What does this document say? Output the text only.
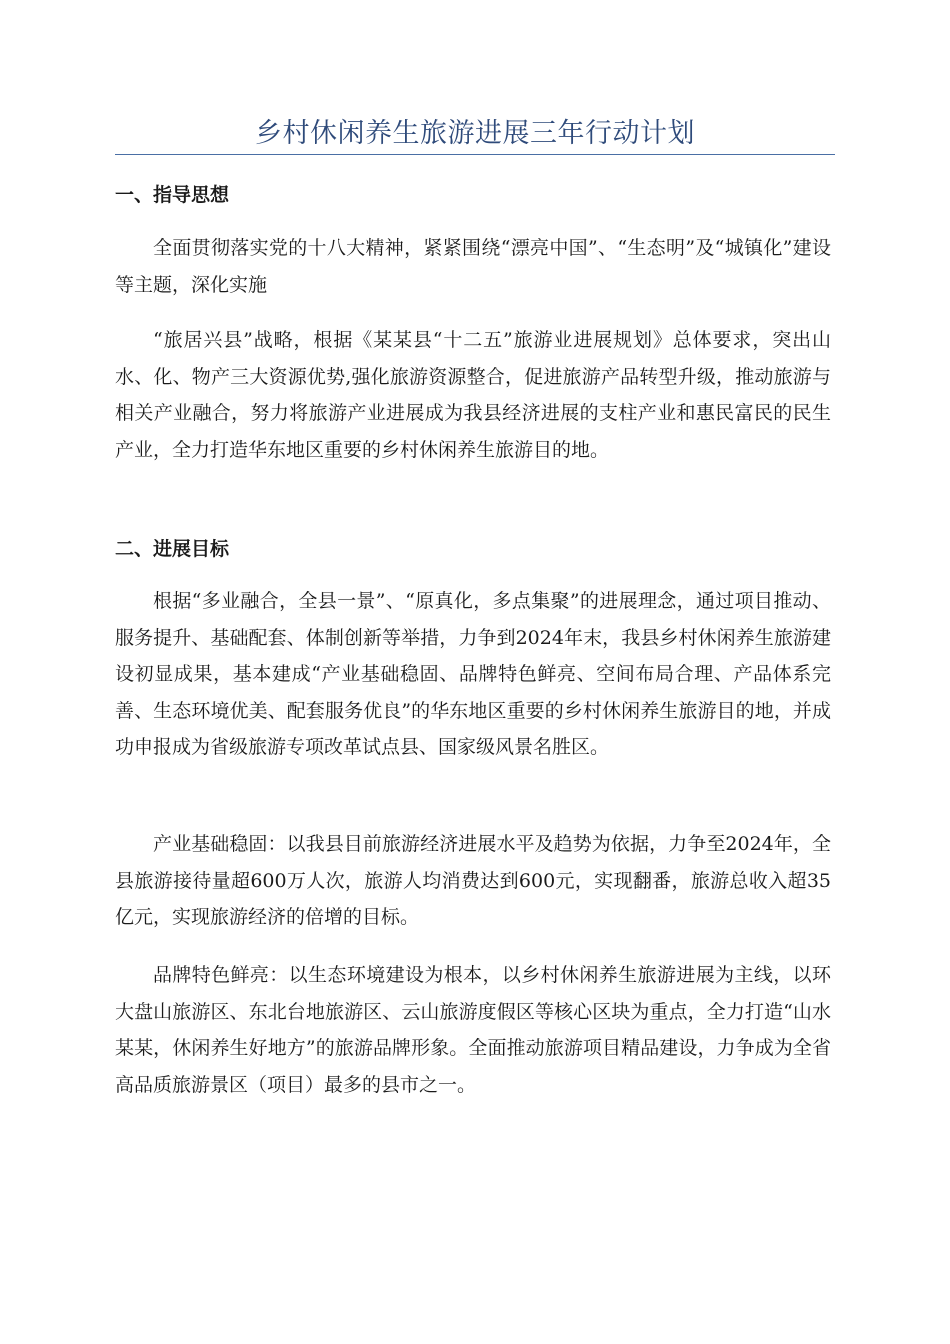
乡村休闲养生旅游进展三年行动计划
一、指导思想

全面贯彻落实党的十八大精神，紧紧围绕“漂亮中国”、“生态明”及“城镇化”建设等主题，深化实施

“旅居兴县”战略，根据《某某县“十二五”旅游业进展规划》总体要求，突出山水、化、物产三大资源优势,强化旅游资源整合，促进旅游产品转型升级，推动旅游与相关产业融合，努力将旅游产业进展成为我县经济进展的支柱产业和惠民富民的民生产业，全力打造华东地区重要的乡村休闲养生旅游目的地。

二、进展目标

根据“多业融合，全县一景”、“原真化，多点集聚”的进展理念，通过项目推动、服务提升、基础配套、体制创新等举措，力争到2024年末，我县乡村休闲养生旅游建设初显成果，基本建成“产业基础稳固、品牌特色鲜亮、空间布局合理、产品体系完善、生态环境优美、配套服务优良”的华东地区重要的乡村休闲养生旅游目的地，并成功申报成为省级旅游专项改革试点县、国家级风景名胜区。

产业基础稳固：以我县目前旅游经济进展水平及趋势为依据，力争至2024年，全县旅游接待量超600万人次，旅游人均消费达到600元，实现翻番，旅游总收入超35亿元，实现旅游经济的倍增的目标。

品牌特色鲜亮：以生态环境建设为根本，以乡村休闲养生旅游进展为主线，以环大盘山旅游区、东北台地旅游区、云山旅游度假区等核心区块为重点，全力打造“山水某某，休闲养生好地方”的旅游品牌形象。全面推动旅游项目精品建设，力争成为全省高品质旅游景区（项目）最多的县市之一。
